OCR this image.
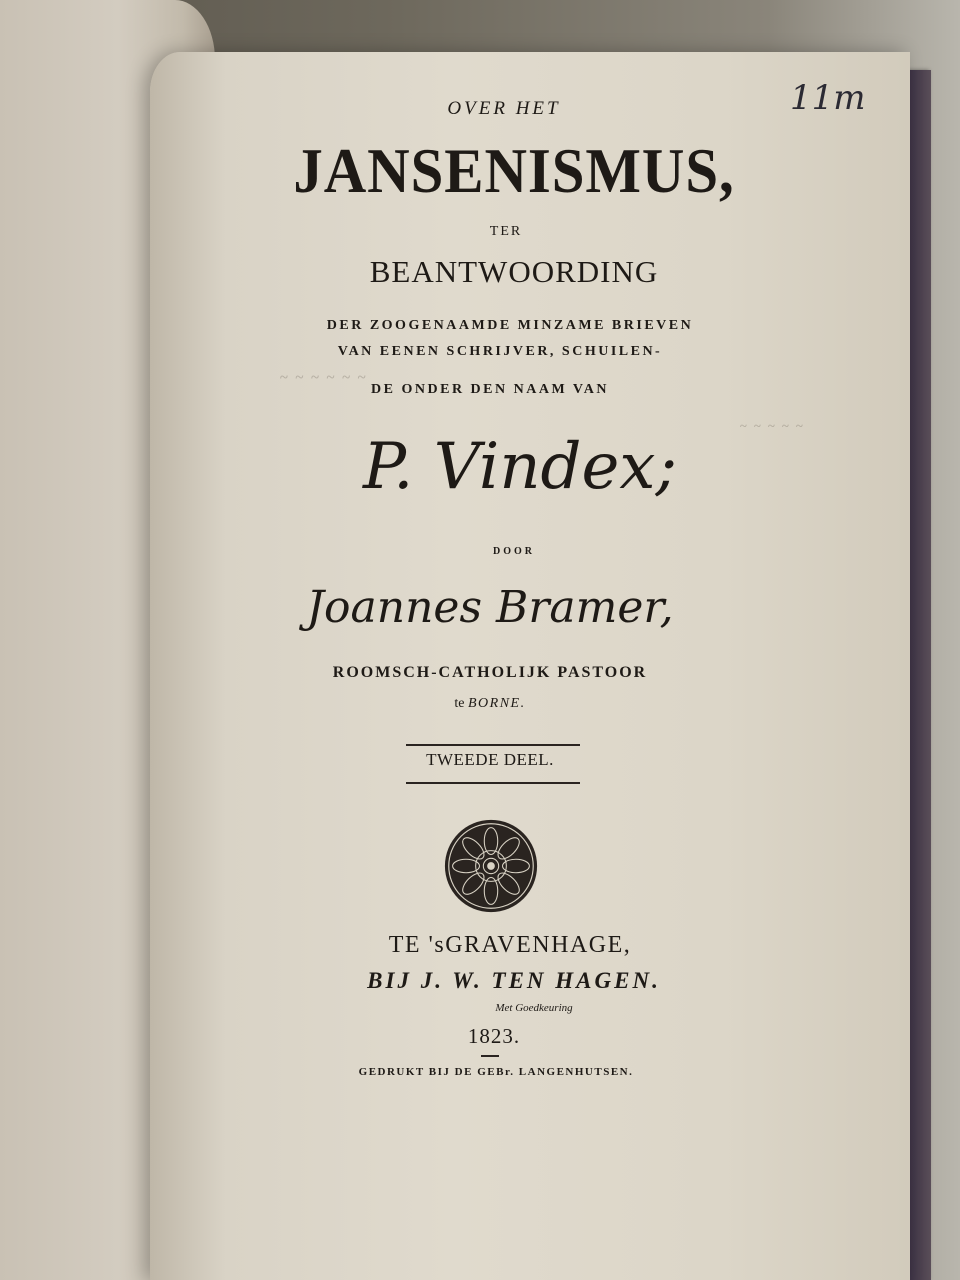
~ ~ ~ ~ ~ ~
~ ~ ~ ~ ~
11m
OVER HET
JANSENISMUS,
TER
BEANTWOORDING
DER ZOOGENAAMDE MINZAME BRIEVEN
VAN EENEN SCHRIJVER, SCHUILEN-
DE ONDER DEN NAAM VAN
P. Vindex;
DOOR
Joannes Bramer,
ROOMSCH-CATHOLIJK PASTOOR
te BORNE.
TWEEDE DEEL.
TE 'sGRAVENHAGE,
BIJ J. W. TEN HAGEN.
Met Goedkeuring
1823.
GEDRUKT BIJ DE GEBr. LANGENHUTSEN.
